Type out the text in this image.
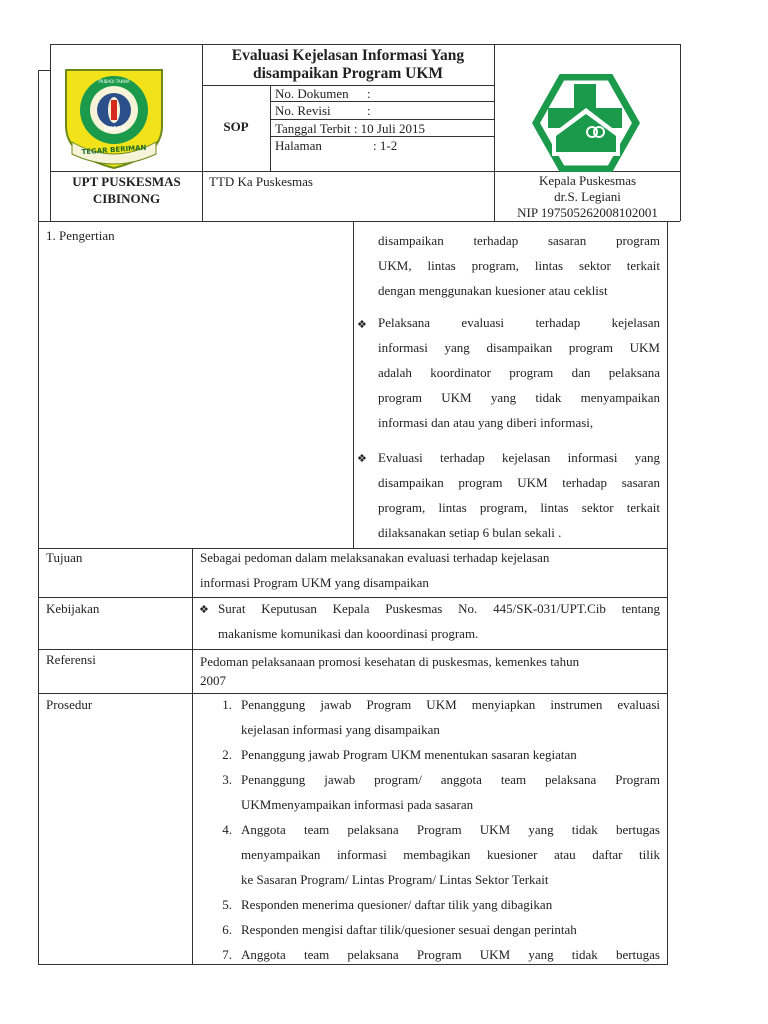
PRIBADI TAKWA
SAJAGA
TEGAR BERIMAN
Evaluasi Kejelasan Informasi Yang
disampaikan Program UKM
SOP
No. Dokumen :
No. Revisi	:
Tanggal Terbit : 10 Juli 2015
Halaman	: 1-2
UPT PUSKESMAS
CIBINONG
TTD Ka Puskesmas	Kepala Puskesmas
dr.S. Legiani
NIP 197505262008102001
1. Pengertian	disampaikan terhadap sasaran program
UKM, lintas program, lintas sektor terkait
dengan menggunakan kuesioner atau ceklist
❖ Pelaksana evaluasi terhadap kejelasan
informasi yang disampaikan program UKM
adalah koordinator program dan pelaksana
program UKM yang tidak menyampaikan
informasi dan atau yang diberi informasi,
❖ Evaluasi terhadap kejelasan informasi yang
disampaikan program UKM terhadap sasaran
program, lintas program, lintas sektor terkait
dilaksanakan setiap 6 bulan sekali .
Tujuan	Sebagai pedoman dalam melaksanakan evaluasi terhadap kejelasan
informasi Program UKM yang disampaikan
Kebijakan	❖ Surat Keputusan Kepala Puskesmas No. 445/SK-031/UPT.Cib tentang
makanisme komunikasi dan kooordinasi program.
Referensi	Pedoman pelaksanaan promosi kesehatan di puskesmas, kemenkes tahun
2007
Prosedur	1. Penanggung jawab Program UKM menyiapkan instrumen evaluasi
kejelasan informasi yang disampaikan
2. Penanggung jawab Program UKM menentukan sasaran kegiatan
3. Penanggung jawab program/ anggota team pelaksana Program
UKMmenyampaikan informasi pada sasaran
4. Anggota team pelaksana Program UKM yang tidak bertugas
menyampaikan informasi membagikan kuesioner atau daftar tilik
ke Sasaran Program/ Lintas Program/ Lintas Sektor Terkait
5. Responden menerima quesioner/ daftar tilik yang dibagikan
6. Responden mengisi daftar tilik/quesioner sesuai dengan perintah
7. Anggota team pelaksana Program UKM yang tidak bertugas
